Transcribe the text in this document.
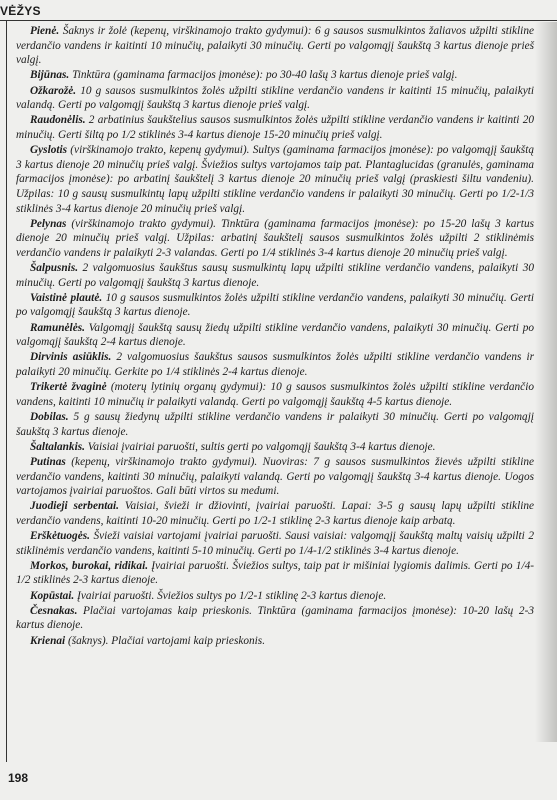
VĖŽYS

Pienė. Šaknys ir žolė (kepenų, virškinamojo trakto gydymui): 6 g sausos susmulkintos žaliavos užpilti stikline verdančio vandens ir kaitinti 10 minučių, palaikyti 30 minučių. Gerti po valgomąjį šaukštą 3 kartus dienoje prieš valgį.

Bijūnas. Tinktūra (gaminama farmacijos įmonėse): po 30-40 lašų 3 kartus dienoje prieš valgį.

Ožkarožė. 10 g sausos susmulkintos žolės užpilti stikline verdančio vandens ir kaitinti 15 minučių, palaikyti valandą. Gerti po valgomąjį šaukštą 3 kartus dienoje prieš valgį.

Raudonėlis. 2 arbatinius šaukštelius sausos susmulkintos žolės užpilti stikline verdančio vandens ir kaitinti 20 minučių. Gerti šiltą po 1/2 stiklinės 3-4 kartus dienoje 15-20 minučių prieš valgį.

Gyslotis (virškinamojo trakto, kepenų gydymui). Sultys (gaminama farmacijos įmonėse): po valgomąjį šaukštą 3 kartus dienoje 20 minučių prieš valgį. Šviežios sultys vartojamos taip pat. Plantaglucidas (granulės, gaminama farmacijos įmonėse): po arbatinį šaukštelį 3 kartus dienoje 20 minučių prieš valgį (praskiesti šiltu vandeniu). Užpilas: 10 g sausų susmulkintų lapų užpilti stikline verdančio vandens ir palaikyti 30 minučių. Gerti po 1/2-1/3 stiklinės 3-4 kartus dienoje 20 minučių prieš valgį.

Pelynas (virškinamojo trakto gydymui). Tinktūra (gaminama farmacijos įmonėse): po 15-20 lašų 3 kartus dienoje 20 minučių prieš valgį. Užpilas: arbatinį šaukštelį sausos susmulkintos žolės užpilti 2 stiklinėmis verdančio vandens ir palaikyti 2-3 valandas. Gerti po 1/4 stiklinės 3-4 kartus dienoje 20 minučių prieš valgį.

Šalpusnis. 2 valgomuosius šaukštus sausų susmulkintų lapų užpilti stikline verdančio vandens, palaikyti 30 minučių. Gerti po valgomąjį šaukštą 3 kartus dienoje.

Vaistinė plautė. 10 g sausos susmulkintos žolės užpilti stikline verdančio vandens, palaikyti 30 minučių. Gerti po valgomąjį šaukštą 3 kartus dienoje.

Ramunėlės. Valgomąjį šaukštą sausų žiedų užpilti stikline verdančio vandens, palaikyti 30 minučių. Gerti po valgomąjį šaukštą 2-4 kartus dienoje.

Dirvinis asiūklis. 2 valgomuosius šaukštus sausos susmulkintos žolės užpilti stikline verdančio vandens ir palaikyti 20 minučių. Gerkite po 1/4 stiklinės 2-4 kartus dienoje.

Trikertė žvaginė (moterų lytinių organų gydymui): 10 g sausos susmulkintos žolės užpilti stikline verdančio vandens, kaitinti 10 minučių ir palaikyti valandą. Gerti po valgomąjį šaukštą 4-5 kartus dienoje.

Dobilas. 5 g sausų žiedynų užpilti stikline verdančio vandens ir palaikyti 30 minučių. Gerti po valgomąjį šaukštą 3 kartus dienoje.

Šaltalankis. Vaisiai įvairiai paruošti, sultis gerti po valgomąjį šaukštą 3-4 kartus dienoje.

Putinas (kepenų, virškinamojo trakto gydymui). Nuoviras: 7 g sausos susmulkintos žievės užpilti stikline verdančio vandens, kaitinti 30 minučių, palaikyti valandą. Gerti po valgomąjį šaukštą 3-4 kartus dienoje. Uogos vartojamos įvairiai paruoštos. Gali būti virtos su medumi.

Juodieji serbentai. Vaisiai, švieži ir džiovinti, įvairiai paruošti. Lapai: 3-5 g sausų lapų užpilti stikline verdančio vandens, kaitinti 10-20 minučių. Gerti po 1/2-1 stiklinę 2-3 kartus dienoje kaip arbatą.

Erškėtuogės. Švieži vaisiai vartojami įvairiai paruošti. Sausi vaisiai: valgomąjį šaukštą maltų vaisių užpilti 2 stiklinėmis verdančio vandens, kaitinti 5-10 minučių. Gerti po 1/4-1/2 stiklinės 3-4 kartus dienoje.

Morkos, burokai, ridikai. Įvairiai paruošti. Šviežios sultys, taip pat ir mišiniai lygiomis dalimis. Gerti po 1/4-1/2 stiklinės 2-3 kartus dienoje.

Kopūstai. Įvairiai paruošti. Šviežios sultys po 1/2-1 stiklinę 2-3 kartus dienoje.

Česnakas. Plačiai vartojamas kaip prieskonis. Tinktūra (gaminama farmacijos įmonėse): 10-20 lašų 2-3 kartus dienoje.

Krienai (šaknys). Plačiai vartojami kaip prieskonis.

198
